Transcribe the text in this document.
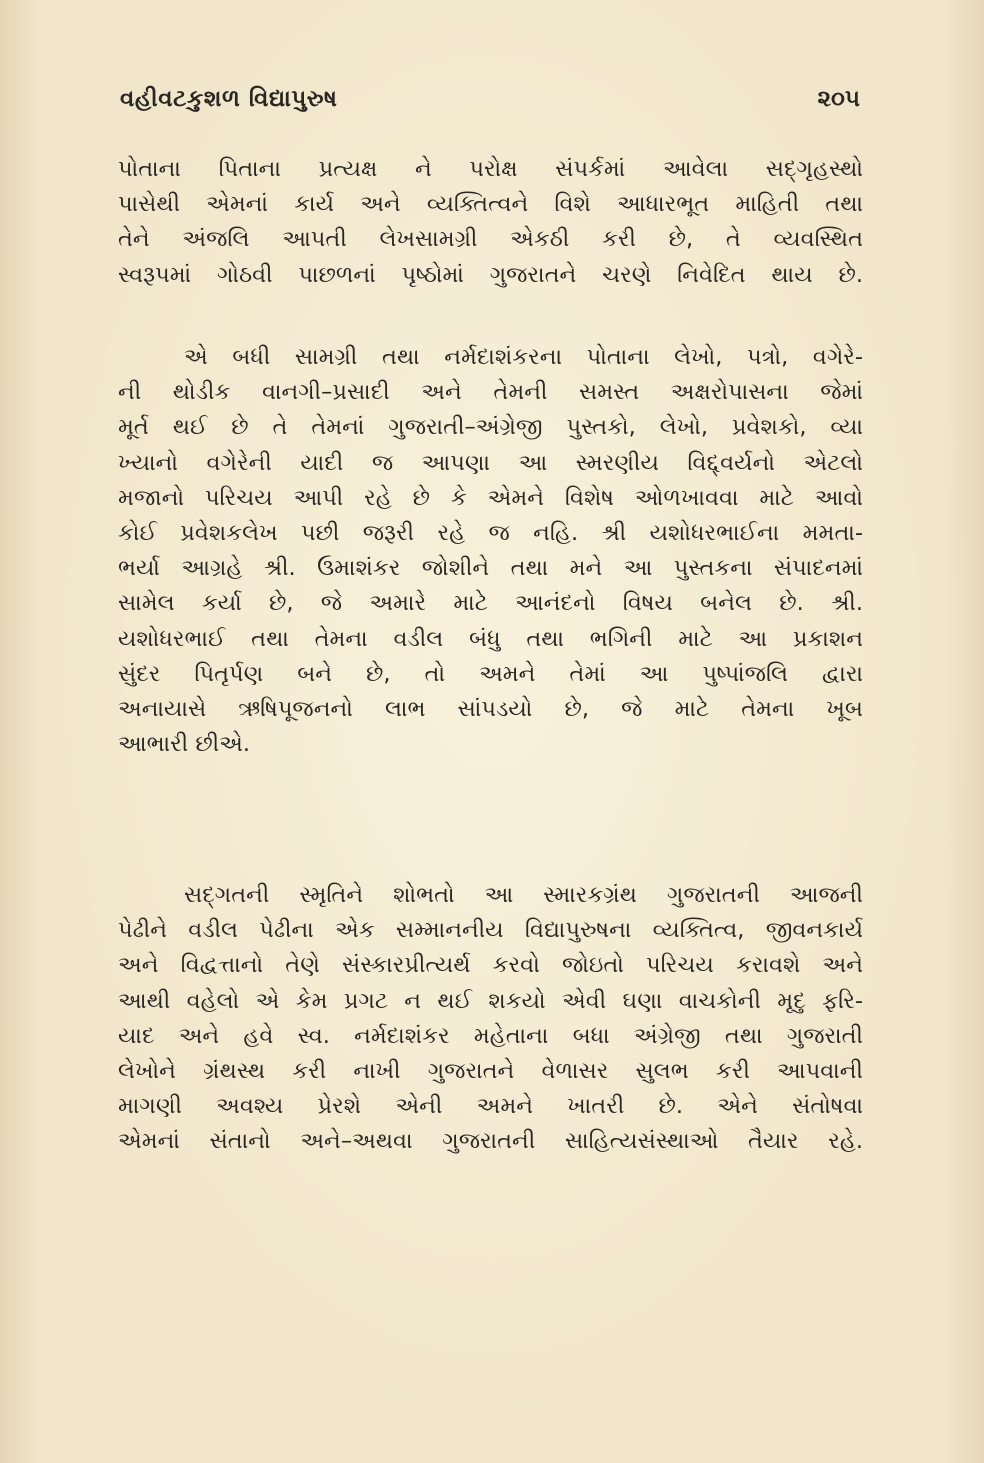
વહીવટકુશળ વિદ્યાપુરુષ	૨૦૫
પોતાના પિતાના પ્રત્યક્ષ ને પરોક્ષ સંપર્કમાં આવેલા સદ્ગૃહસ્થો
પાસેથી એમનાં કાર્ય અને વ્યક્તિત્વને વિશે આધારભૂત માહિતી તથા
તેને અંજલિ આપતી લેખસામગ્રી એકઠી કરી છે, તે વ્યવસ્થિત
સ્વરૂપમાં ગોઠવી પાછળનાં પૃષ્ઠોમાં ગુજરાતને ચરણે નિવેદિત થાય છે.
એ બધી સામગ્રી તથા નર્મદાશંકરના પોતાના લેખો, પત્રો, વગેરે-
ની થોડીક વાનગી–પ્રસાદી અને તેમની સમસ્ત અક્ષરોપાસના જેમાં
મૂર્ત થઈ છે તે તેમનાં ગુજરાતી–અંગ્રેજી પુસ્તકો, લેખો, પ્રવેશકો, વ્યા
ખ્યાનો વગેરેની યાદી જ આપણા આ સ્મરણીય વિદ્દ્વર્યનો એટલો
મજાનો પરિચય આપી રહે છે કે એમને વિશેષ ઓળખાવવા માટે આવો
કોઈ પ્રવેશકલેખ પછી જરૂરી રહે જ નહિ. શ્રી યશોધરભાઈના મમતા-
ભર્યા આગ્રહે શ્રી. ઉમાશંકર જોશીને તથા મને આ પુસ્તકના સંપાદનમાં
સામેલ કર્યા છે, જે અમારે માટે આનંદનો વિષય બનેલ છે. શ્રી.
યશોધરભાઈ તથા તેમના વડીલ બંધુ તથા ભગિની માટે આ પ્રકાશન
સુંદર પિતૃર્પણ બને છે, તો અમને તેમાં આ પુષ્પાંજલિ દ્વારા
અનાયાસે ઋષિપૂજનનો લાભ સાંપડયો છે, જે માટે તેમના ખૂબ
આભારી છીએ.
સદ્ગતની સ્મૃતિને શોભતો આ સ્મારકગ્રંથ ગુજરાતની આજની
પેઢીને વડીલ પેઢીના એક સમ્માનનીય વિદ્યાપુરુષના વ્યક્તિત્વ, જીવનકાર્ય
અને વિદ્વત્તાનો તેણે સંસ્કારપ્રીત્યર્થ કરવો જોઇતો પરિચય કરાવશે અને
આથી વહેલો એ કેમ પ્રગટ ન થઈ શકયો એવી ઘણા વાચકોની મૃદુ ફરિ-
યાદ અને હવે સ્વ. નર્મદાશંકર મહેતાના બધા અંગ્રેજી તથા ગુજરાતી
લેખોને ગ્રંથસ્થ કરી નાખી ગુજરાતને વેળાસર સુલભ કરી આપવાની
માગણી અવશ્ય પ્રેરશે એની અમને ખાતરી છે. એને સંતોષવા
એમનાં સંતાનો અને–અથવા ગુજરાતની સાહિત્યસંસ્થાઓ તૈયાર રહે.
